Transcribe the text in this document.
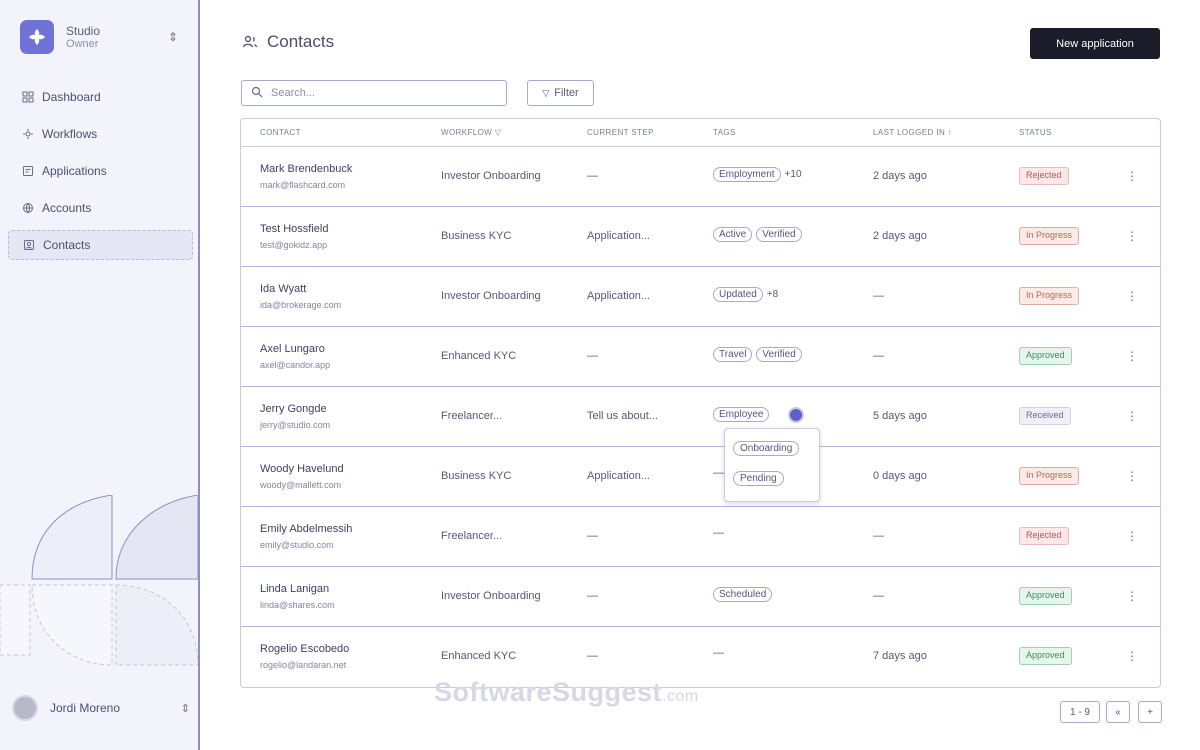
Studio
Owner	⇕
Dashboard
Workflows
Applications
Accounts
Contacts
Jordi Moreno	⇕
Contacts	New application
Search...
▽ Filter
CONTACT	WORKFLOW ▽	CURRENT STEP	TAGS	LAST LOGGED IN ↑	STATUS
Mark Brendenbuck
mark@flashcard.com
Investor Onboarding	—	Employment +10	2 days ago	Rejected	⋮
Test Hossfield
test@gokidz.app
Business KYC	Application...	Active Verified	2 days ago	In Progress	⋮
Ida Wyatt
ida@brokerage.com
Investor Onboarding	Application...	Updated +8	—	In Progress	⋮
Axel Lungaro
axel@candor.app
Enhanced KYC	—	Travel Verified	—	Approved	⋮
Jerry Gongde
jerry@studio.com
Freelancer...	Tell us about...	Employee	5 days ago	Received	⋮
Woody Havelund
woody@mallett.com
Business KYC	Application...	—	0 days ago	In Progress	⋮
Emily Abdelmessih
emily@studio.com
Freelancer...	—	—	—	Rejected	⋮
Linda Lanigan
linda@shares.com
Investor Onboarding	—	Scheduled	—	Approved	⋮
Rogelio Escobedo
rogelio@landaran.net
Enhanced KYC	—	—	7 days ago	Approved	⋮
Onboarding
Pending
1 - 9	«	+
SoftwareSuggest.com
